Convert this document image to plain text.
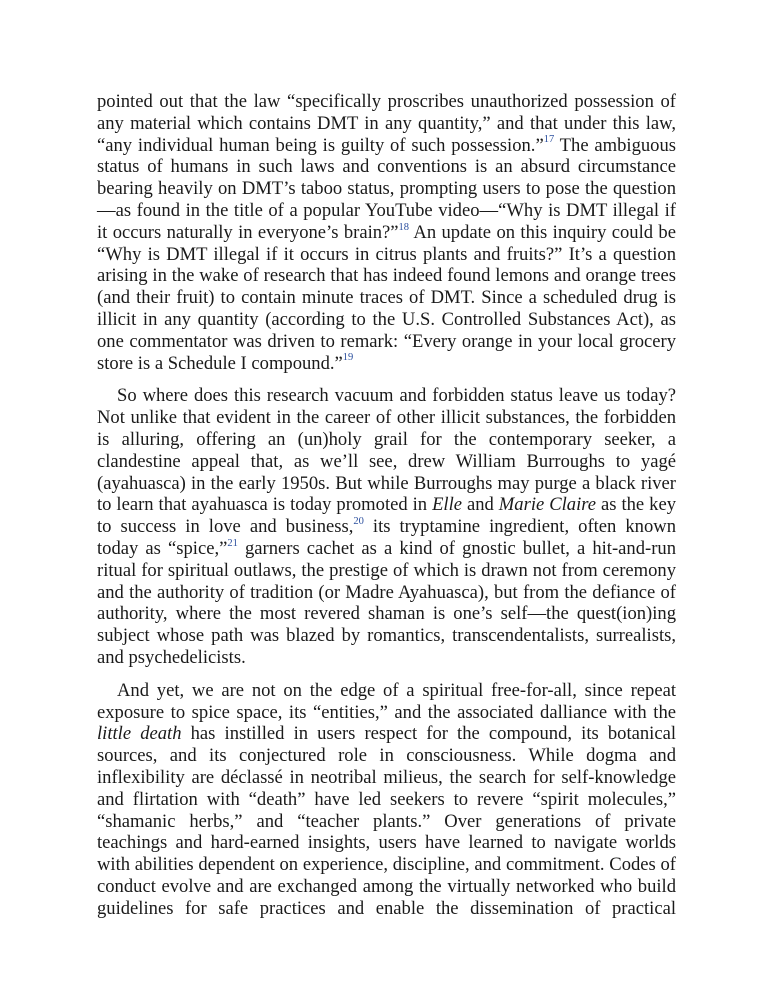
pointed out that the law “specifically proscribes unauthorized possession of any material which contains DMT in any quantity,” and that under this law, “any individual human being is guilty of such possession.”$^{17}$ The ambiguous status of humans in such laws and conventions is an absurd circumstance bearing heavily on DMT’s taboo status, prompting users to pose the question—as found in the title of a popular YouTube video—“Why is DMT illegal if it occurs naturally in everyone’s brain?”$^{18}$ An update on this inquiry could be “Why is DMT illegal if it occurs in citrus plants and fruits?” It’s a question arising in the wake of research that has indeed found lemons and orange trees (and their fruit) to contain minute traces of DMT. Since a scheduled drug is illicit in any quantity (according to the U.S. Controlled Substances Act), as one commentator was driven to remark: “Every orange in your local grocery store is a Schedule I compound.”$^{19}$

So where does this research vacuum and forbidden status leave us today? Not unlike that evident in the career of other illicit substances, the forbidden is alluring, offering an (un)holy grail for the contemporary seeker, a clandestine appeal that, as we’ll see, drew William Burroughs to yagé (ayahuasca) in the early 1950s. But while Burroughs may purge a black river to learn that ayahuasca is today promoted in Elle and Marie Claire as the key to success in love and business,$^{20}$ its tryptamine ingredient, often known today as “spice,”$^{21}$ garners cachet as a kind of gnostic bullet, a hit-and-run ritual for spiritual outlaws, the prestige of which is drawn not from ceremony and the authority of tradition (or Madre Ayahuasca), but from the defiance of authority, where the most revered shaman is one’s self—the quest(ion)ing subject whose path was blazed by romantics, transcendentalists, surrealists, and psychedelicists.

And yet, we are not on the edge of a spiritual free-for-all, since repeat exposure to spice space, its “entities,” and the associated dalliance with the little death has instilled in users respect for the compound, its botanical sources, and its conjectured role in consciousness. While dogma and inflexibility are déclassé in neotribal milieus, the search for self-knowledge and flirtation with “death” have led seekers to revere “spirit molecules,” “shamanic herbs,” and “teacher plants.” Over generations of private teachings and hard-earned insights, users have learned to navigate worlds with abilities dependent on experience, discipline, and commitment. Codes of conduct evolve and are exchanged among the virtually networked who build guidelines for safe practices and enable the dissemination of practical
